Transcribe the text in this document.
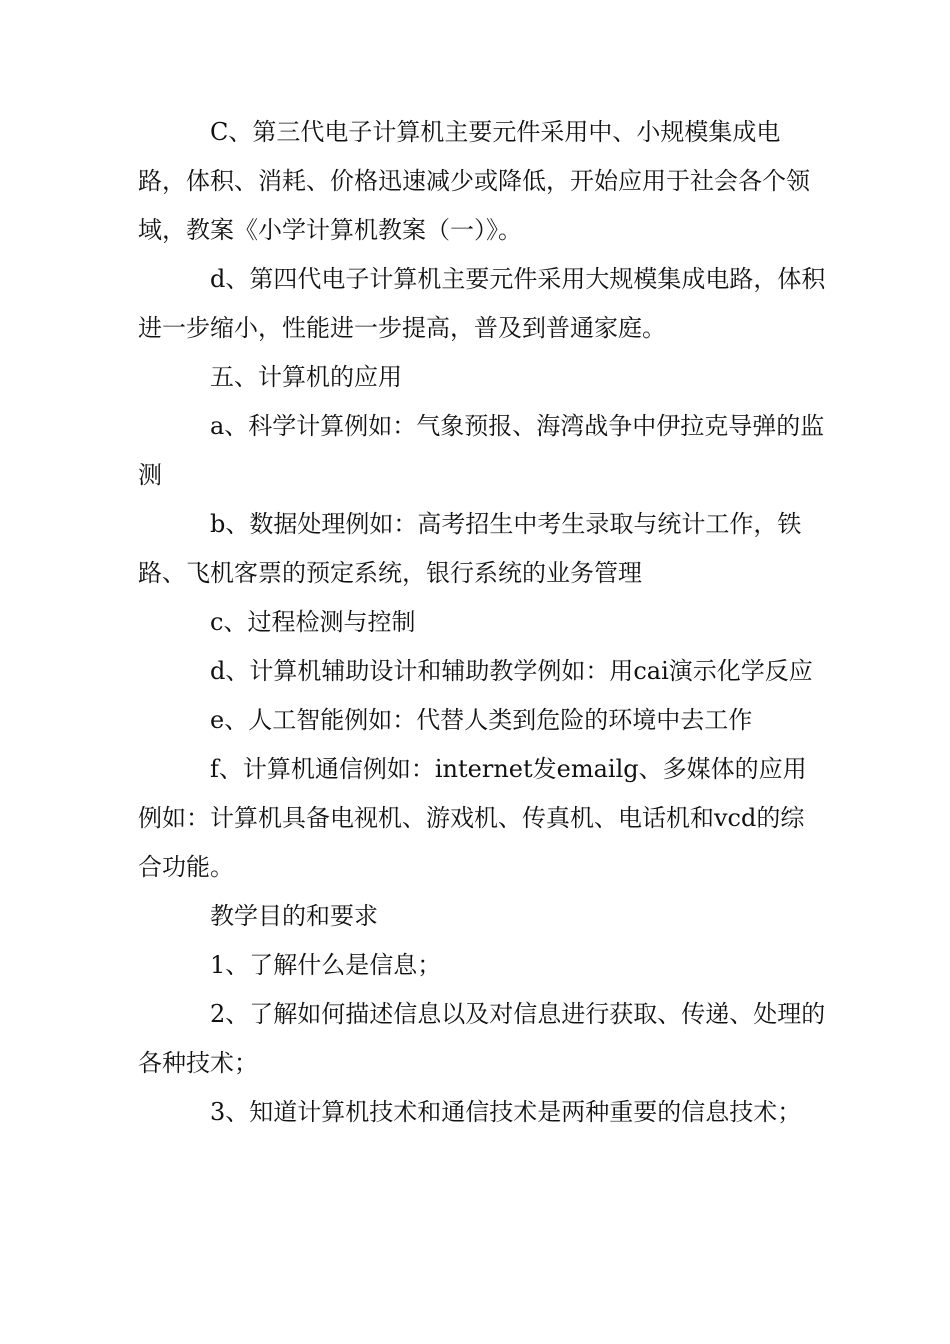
C、第三代电子计算机主要元件采用中、小规模集成电路，体积、消耗、价格迅速减少或降低，开始应用于社会各个领域，教案《小学计算机教案（一）》。

d、第四代电子计算机主要元件采用大规模集成电路，体积进一步缩小，性能进一步提高，普及到普通家庭。

五、计算机的应用

a、科学计算例如：气象预报、海湾战争中伊拉克导弹的监测

b、数据处理例如：高考招生中考生录取与统计工作，铁路、飞机客票的预定系统，银行系统的业务管理

c、过程检测与控制

d、计算机辅助设计和辅助教学例如：用cai演示化学反应

e、人工智能例如：代替人类到危险的环境中去工作

f、计算机通信例如：internet发emailg、多媒体的应用例如：计算机具备电视机、游戏机、传真机、电话机和vcd的综合功能。

教学目的和要求

1、了解什么是信息；

2、了解如何描述信息以及对信息进行获取、传递、处理的各种技术；

3、知道计算机技术和通信技术是两种重要的信息技术；
